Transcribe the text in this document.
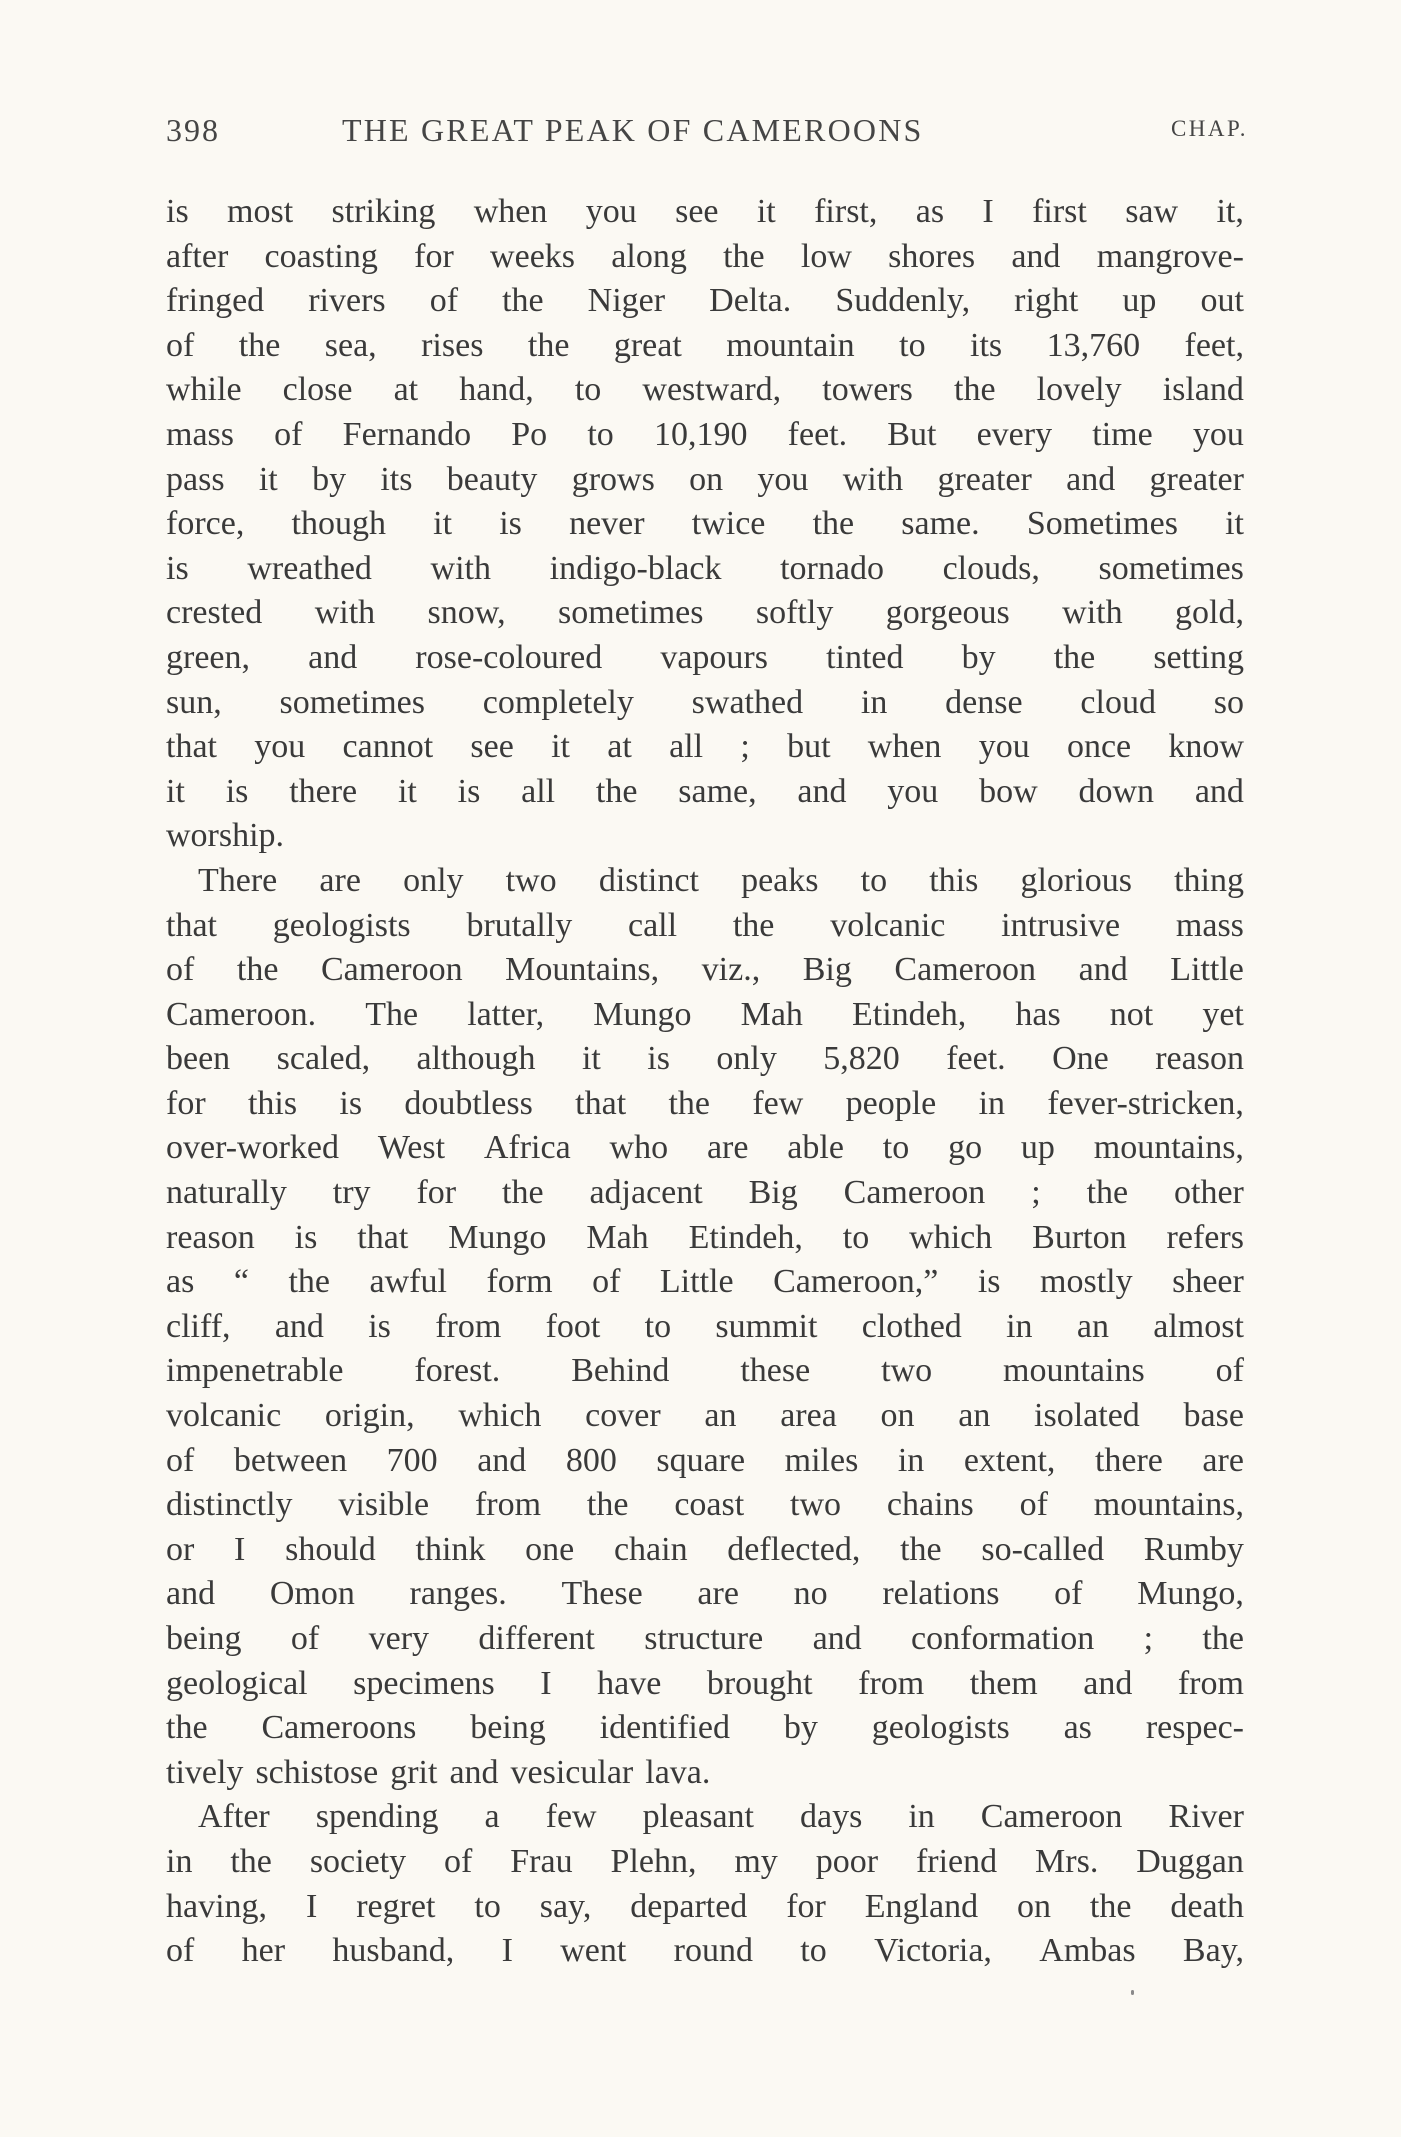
398	THE GREAT PEAK OF CAMEROONS	CHAP.
is most striking when you see it first, as I first saw it,
after coasting for weeks along the low shores and mangrove-
fringed rivers of the Niger Delta. Suddenly, right up out
of the sea, rises the great mountain to its 13,760 feet,
while close at hand, to westward, towers the lovely island
mass of Fernando Po to 10,190 feet. But every time you
pass it by its beauty grows on you with greater and greater
force, though it is never twice the same. Sometimes it
is wreathed with indigo-black tornado clouds, sometimes
crested with snow, sometimes softly gorgeous with gold,
green, and rose-coloured vapours tinted by the setting
sun, sometimes completely swathed in dense cloud so
that you cannot see it at all ; but when you once know
it is there it is all the same, and you bow down and
worship.
There are only two distinct peaks to this glorious thing
that geologists brutally call the volcanic intrusive mass
of the Cameroon Mountains, viz., Big Cameroon and Little
Cameroon. The latter, Mungo Mah Etindeh, has not yet
been scaled, although it is only 5,820 feet. One reason
for this is doubtless that the few people in fever-stricken,
over-worked West Africa who are able to go up mountains,
naturally try for the adjacent Big Cameroon ; the other
reason is that Mungo Mah Etindeh, to which Burton refers
as “ the awful form of Little Cameroon,” is mostly sheer
cliff, and is from foot to summit clothed in an almost
impenetrable forest. Behind these two mountains of
volcanic origin, which cover an area on an isolated base
of between 700 and 800 square miles in extent, there are
distinctly visible from the coast two chains of mountains,
or I should think one chain deflected, the so-called Rumby
and Omon ranges. These are no relations of Mungo,
being of very different structure and conformation ; the
geological specimens I have brought from them and from
the Cameroons being identified by geologists as respec-
tively schistose grit and vesicular lava.
After spending a few pleasant days in Cameroon River
in the society of Frau Plehn, my poor friend Mrs. Duggan
having, I regret to say, departed for England on the death
of her husband, I went round to Victoria, Ambas Bay,
